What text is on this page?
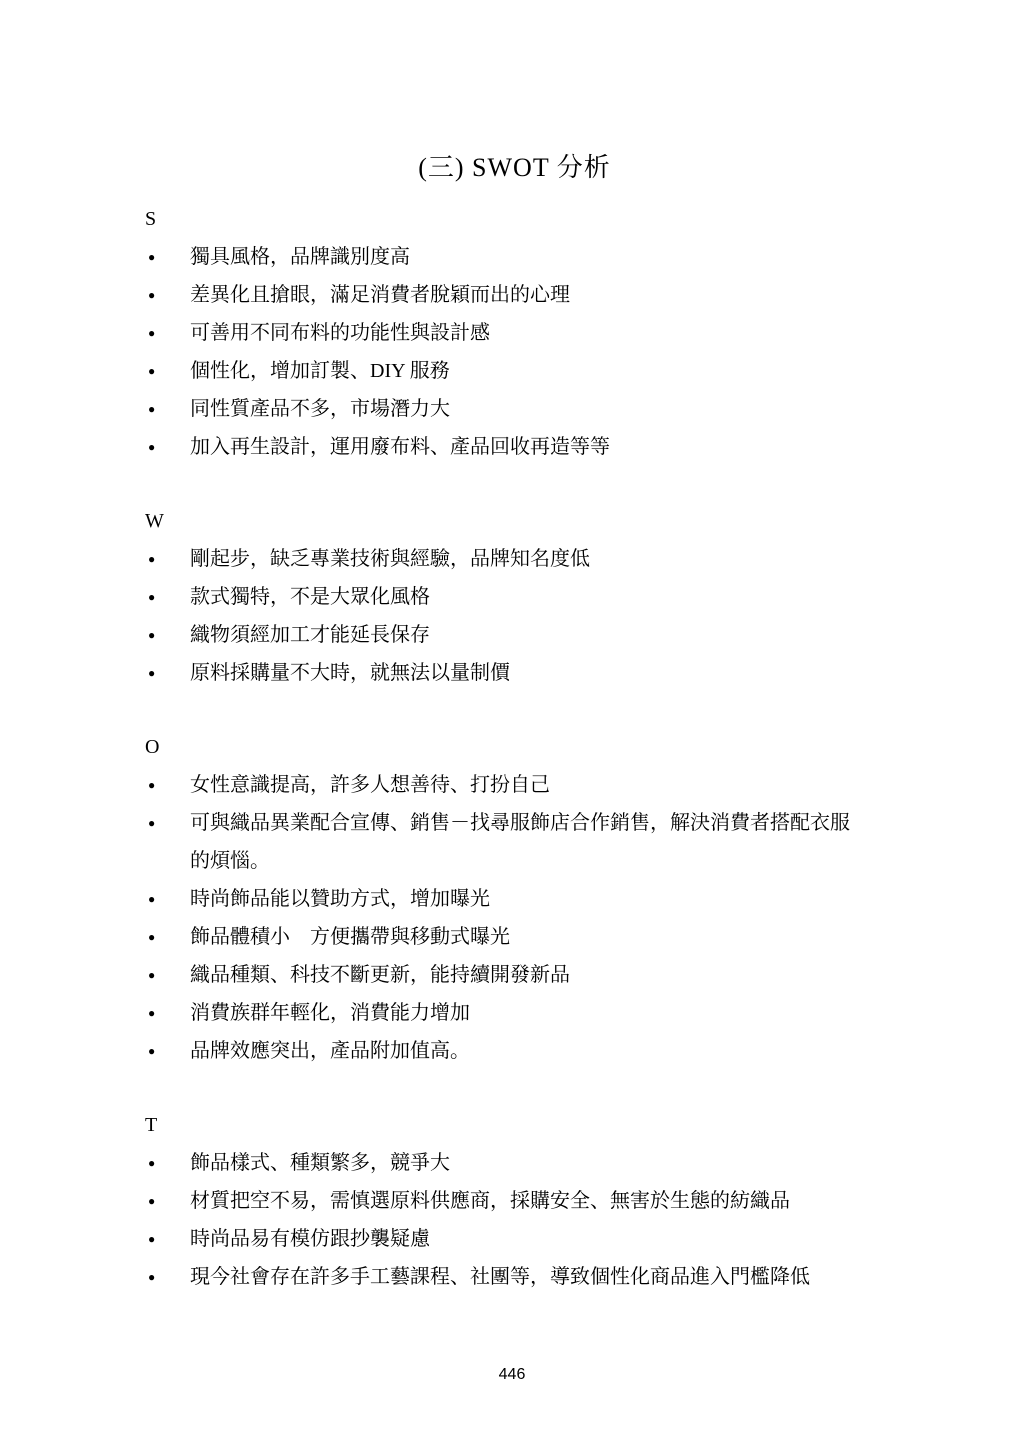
(三) SWOT 分析
S
●	獨具風格，品牌識別度高
●	差異化且搶眼，滿足消費者脫穎而出的心理
●	可善用不同布料的功能性與設計感
●	個性化，增加訂製、DIY 服務
●	同性質產品不多，市場潛力大
●	加入再生設計，運用廢布料、產品回收再造等等
W
●	剛起步，缺乏專業技術與經驗，品牌知名度低
●	款式獨特，不是大眾化風格
●	織物須經加工才能延長保存
●	原料採購量不大時，就無法以量制價
O
●	女性意識提高，許多人想善待、打扮自己
●	可與織品異業配合宣傳、銷售－找尋服飾店合作銷售，解決消費者搭配衣服的煩惱。
●	時尚飾品能以贊助方式，增加曝光
●	飾品體積小　方便攜帶與移動式曝光
●	織品種類、科技不斷更新，能持續開發新品
●	消費族群年輕化，消費能力增加
●	品牌效應突出，產品附加值高。
T
●	飾品樣式、種類繁多，競爭大
●	材質把空不易，需慎選原料供應商，採購安全、無害於生態的紡織品
●	時尚品易有模仿跟抄襲疑慮
●	現今社會存在許多手工藝課程、社團等，導致個性化商品進入門檻降低
446
